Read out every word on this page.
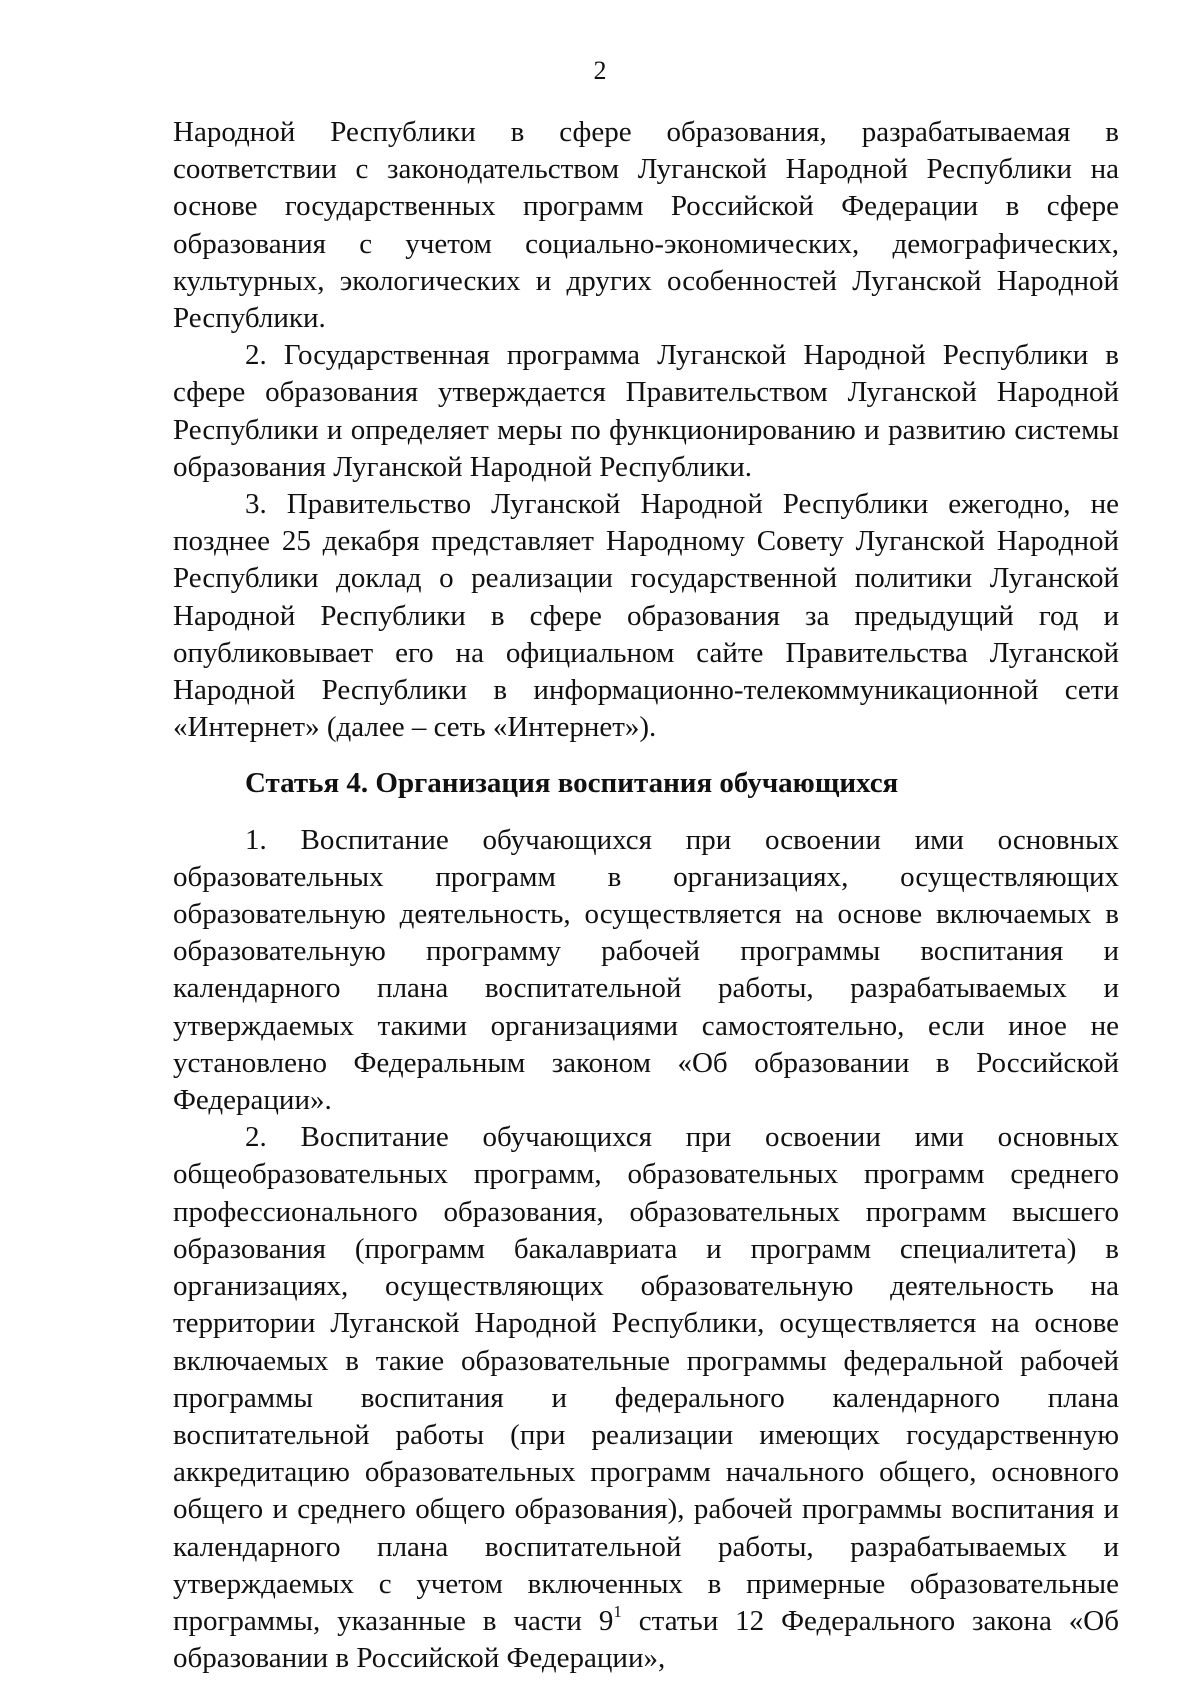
2

Народной Республики в сфере образования, разрабатываемая в соответствии с законодательством Луганской Народной Республики на основе государственных программ Российской Федерации в сфере образования с учетом социально-экономических, демографических, культурных, экологических и других особенностей Луганской Народной Республики.

2. Государственная программа Луганской Народной Республики в сфере образования утверждается Правительством Луганской Народной Республики и определяет меры по функционированию и развитию системы образования Луганской Народной Республики.

3. Правительство Луганской Народной Республики ежегодно, не позднее 25 декабря представляет Народному Совету Луганской Народной Республики доклад о реализации государственной политики Луганской Народной Республики в сфере образования за предыдущий год и опубликовывает его на официальном сайте Правительства Луганской Народной Республики в информационно-телекоммуникационной сети «Интернет» (далее – сеть «Интернет»).

Статья 4. Организация воспитания обучающихся

1. Воспитание обучающихся при освоении ими основных образовательных программ в организациях, осуществляющих образовательную деятельность, осуществляется на основе включаемых в образовательную программу рабочей программы воспитания и календарного плана воспитательной работы, разрабатываемых и утверждаемых такими организациями самостоятельно, если иное не установлено Федеральным законом «Об образовании в Российской Федерации».

2. Воспитание обучающихся при освоении ими основных общеобразовательных программ, образовательных программ среднего профессионального образования, образовательных программ высшего образования (программ бакалавриата и программ специалитета) в организациях, осуществляющих образовательную деятельность на территории Луганской Народной Республики, осуществляется на основе включаемых в такие образовательные программы федеральной рабочей программы воспитания и федерального календарного плана воспитательной работы (при реализации имеющих государственную аккредитацию образовательных программ начального общего, основного общего и среднего общего образования), рабочей программы воспитания и календарного плана воспитательной работы, разрабатываемых и утверждаемых с учетом включенных в примерные образовательные программы, указанные в части $9^1$ статьи 12 Федерального закона «Об образовании в Российской Федерации»,
